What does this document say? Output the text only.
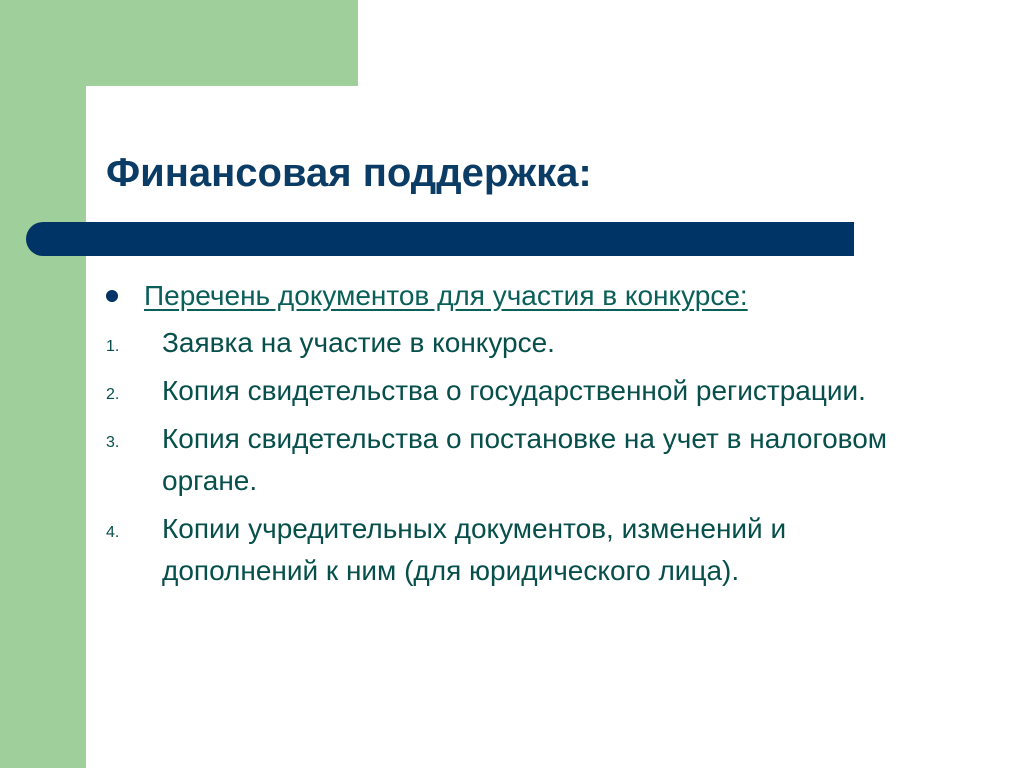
Финансовая поддержка:
Перечень документов для участия в конкурсе:
1. Заявка на участие в конкурсе.
2. Копия свидетельства о государственной регистрации.
3. Копия свидетельства о постановке на учет в налоговом органе.
4. Копии учредительных документов, изменений и дополнений к ним (для юридического лица).
